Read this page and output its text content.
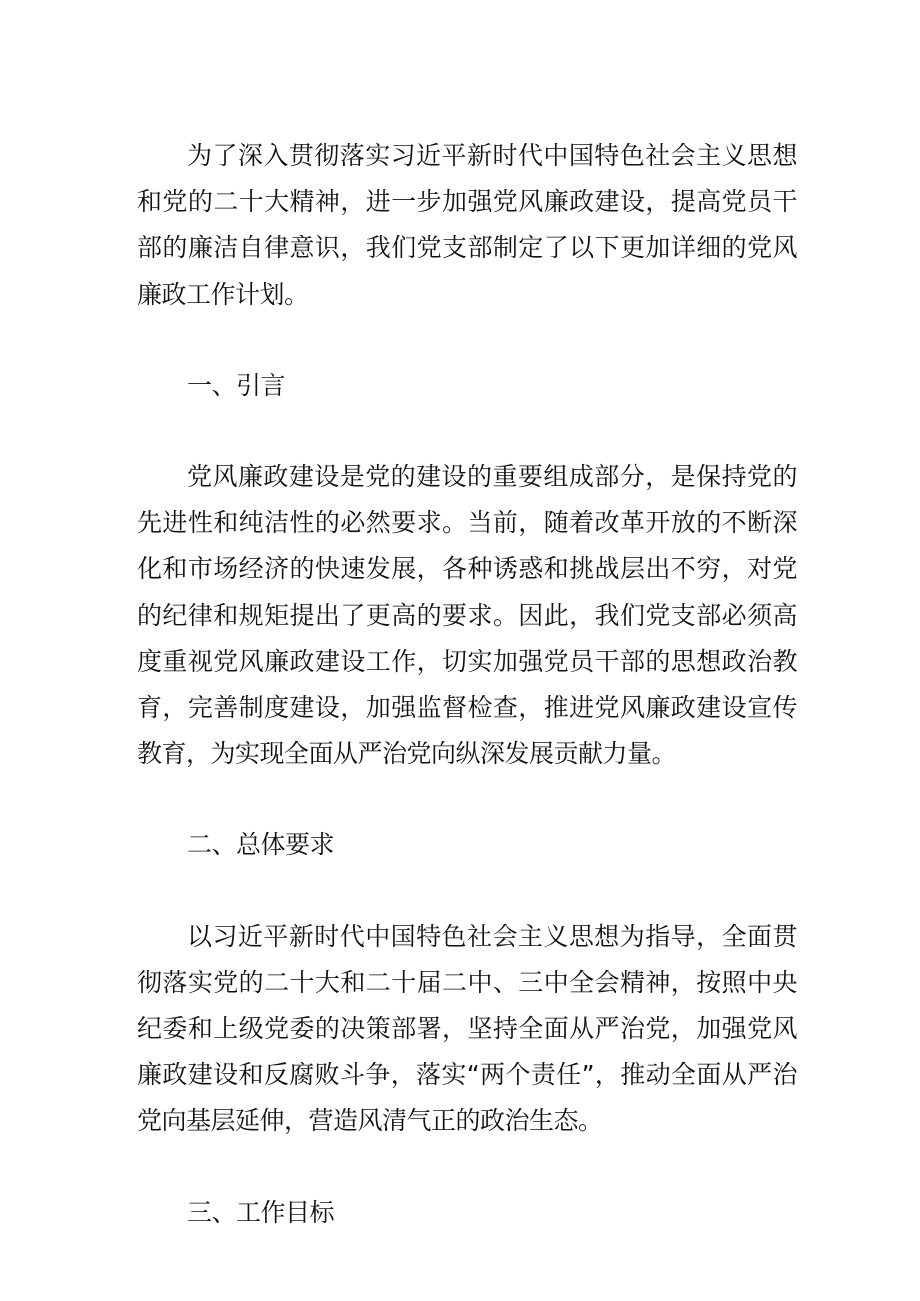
为了深入贯彻落实习近平新时代中国特色社会主义思想和党的二十大精神，进一步加强党风廉政建设，提高党员干部的廉洁自律意识，我们党支部制定了以下更加详细的党风廉政工作计划。

一、引言

党风廉政建设是党的建设的重要组成部分，是保持党的先进性和纯洁性的必然要求。当前，随着改革开放的不断深化和市场经济的快速发展，各种诱惑和挑战层出不穷，对党的纪律和规矩提出了更高的要求。因此，我们党支部必须高度重视党风廉政建设工作，切实加强党员干部的思想政治教育，完善制度建设，加强监督检查，推进党风廉政建设宣传教育，为实现全面从严治党向纵深发展贡献力量。

二、总体要求

以习近平新时代中国特色社会主义思想为指导，全面贯彻落实党的二十大和二十届二中、三中全会精神，按照中央纪委和上级党委的决策部署，坚持全面从严治党，加强党风廉政建设和反腐败斗争，落实“两个责任”，推动全面从严治党向基层延伸，营造风清气正的政治生态。

三、工作目标
